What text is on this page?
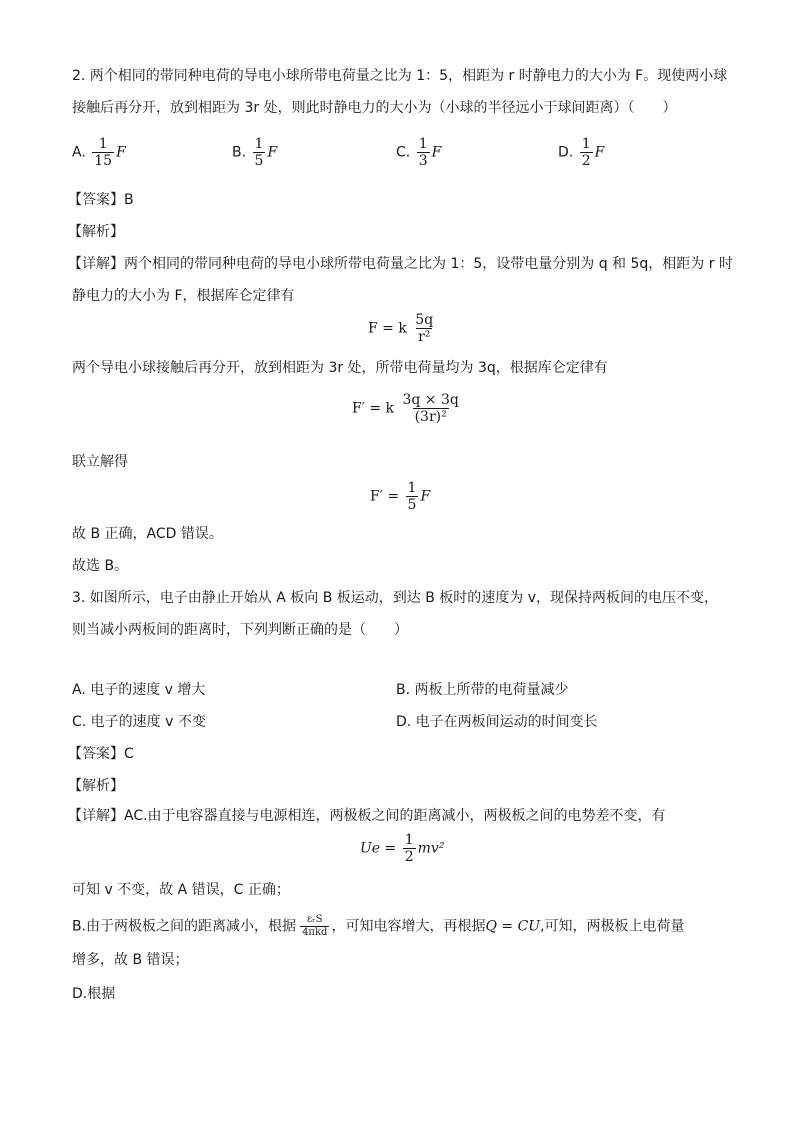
2. 两个相同的带同种电荷的导电小球所带电荷量之比为 1：5，相距为 r 时静电力的大小为 F。现使两小球
接触后再分开，放到相距为 3r 处，则此时静电力的大小为（小球的半径远小于球间距离）（　　）
A. $\frac{1}{15}$ F	B. $\frac{1}{5}$ F	C. $\frac{1}{3}$ F	D. $\frac{1}{2}$ F
【答案】B
【解析】
【详解】两个相同的带同种电荷的导电小球所带电荷量之比为 1：5，设带电量分别为 q 和 5q，相距为 r 时
静电力的大小为 F，根据库仑定律有
F = k $\frac{5q}{\text{r²}}$
两个导电小球接触后再分开，放到相距为 3r 处，所带电荷量均为 3q，根据库仑定律有
F′ = k $\frac{3q \times 3q}{\text{(3r)²}}$
联立解得
$F' = \frac{1}{5}$ F
故 B 正确，ACD 错误。
故选 B。
3. 如图所示，电子由静止开始从 A 板向 B 板运动，到达 B 板时的速度为 v，现保持两板间的电压不变，
则当减小两板间的距离时，下列判断正确的是（　　）
A. 电子的速度 v 增大	B. 两板上所带的电荷量减少
C. 电子的速度 v 不变	D. 电子在两板间运动的时间变长
【答案】C
【解析】
【详解】AC.由于电容器直接与电源相连，两极板之间的距离减小，两极板之间的电势差不变，有
$Ue = \frac{1}{2} mv^2$
可知 v 不变，故 A 错误，C 正确；
B.由于两极板之间的距离减小，根据 $\frac{\text{εᵣS}}{\text{4πkd}}$ ，可知电容增大，再根据Q = CU,可知，两极板上电荷量
增多，故 B 错误；
D.根据
